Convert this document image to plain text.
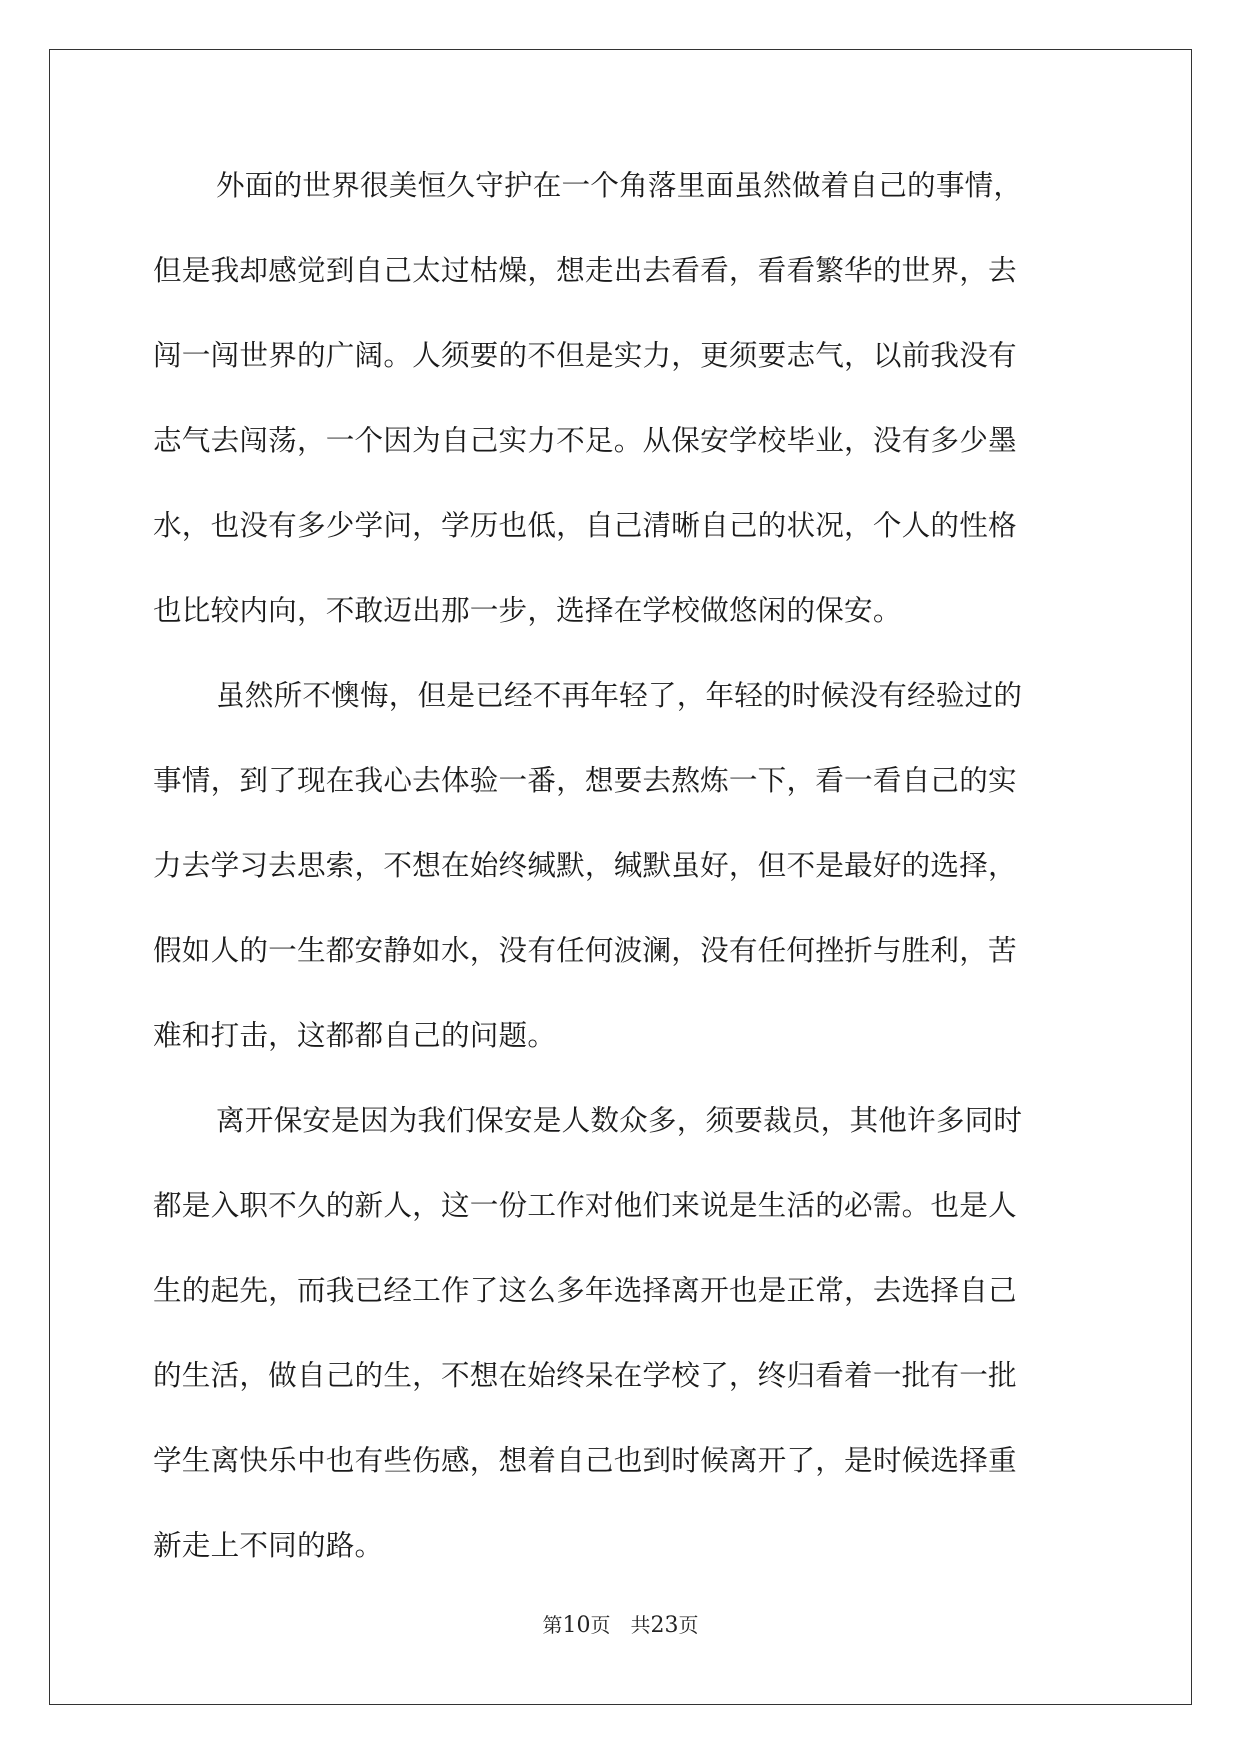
外面的世界很美恒久守护在一个角落里面虽然做着自己的事情，
但是我却感觉到自己太过枯燥，想走出去看看，看看繁华的世界，去
闯一闯世界的广阔。人须要的不但是实力，更须要志气，以前我没有
志气去闯荡，一个因为自己实力不足。从保安学校毕业，没有多少墨
水，也没有多少学问，学历也低，自己清晰自己的状况，个人的性格
也比较内向，不敢迈出那一步，选择在学校做悠闲的保安。
虽然所不懊悔，但是已经不再年轻了，年轻的时候没有经验过的
事情，到了现在我心去体验一番，想要去熬炼一下，看一看自己的实
力去学习去思索，不想在始终缄默，缄默虽好，但不是最好的选择，
假如人的一生都安静如水，没有任何波澜，没有任何挫折与胜利，苦
难和打击，这都都自己的问题。
离开保安是因为我们保安是人数众多，须要裁员，其他许多同时
都是入职不久的新人，这一份工作对他们来说是生活的必需。也是人
生的起先，而我已经工作了这么多年选择离开也是正常，去选择自己
的生活，做自己的生，不想在始终呆在学校了，终归看着一批有一批
学生离快乐中也有些伤感，想着自己也到时候离开了，是时候选择重
新走上不同的路。
第10页 共23页
